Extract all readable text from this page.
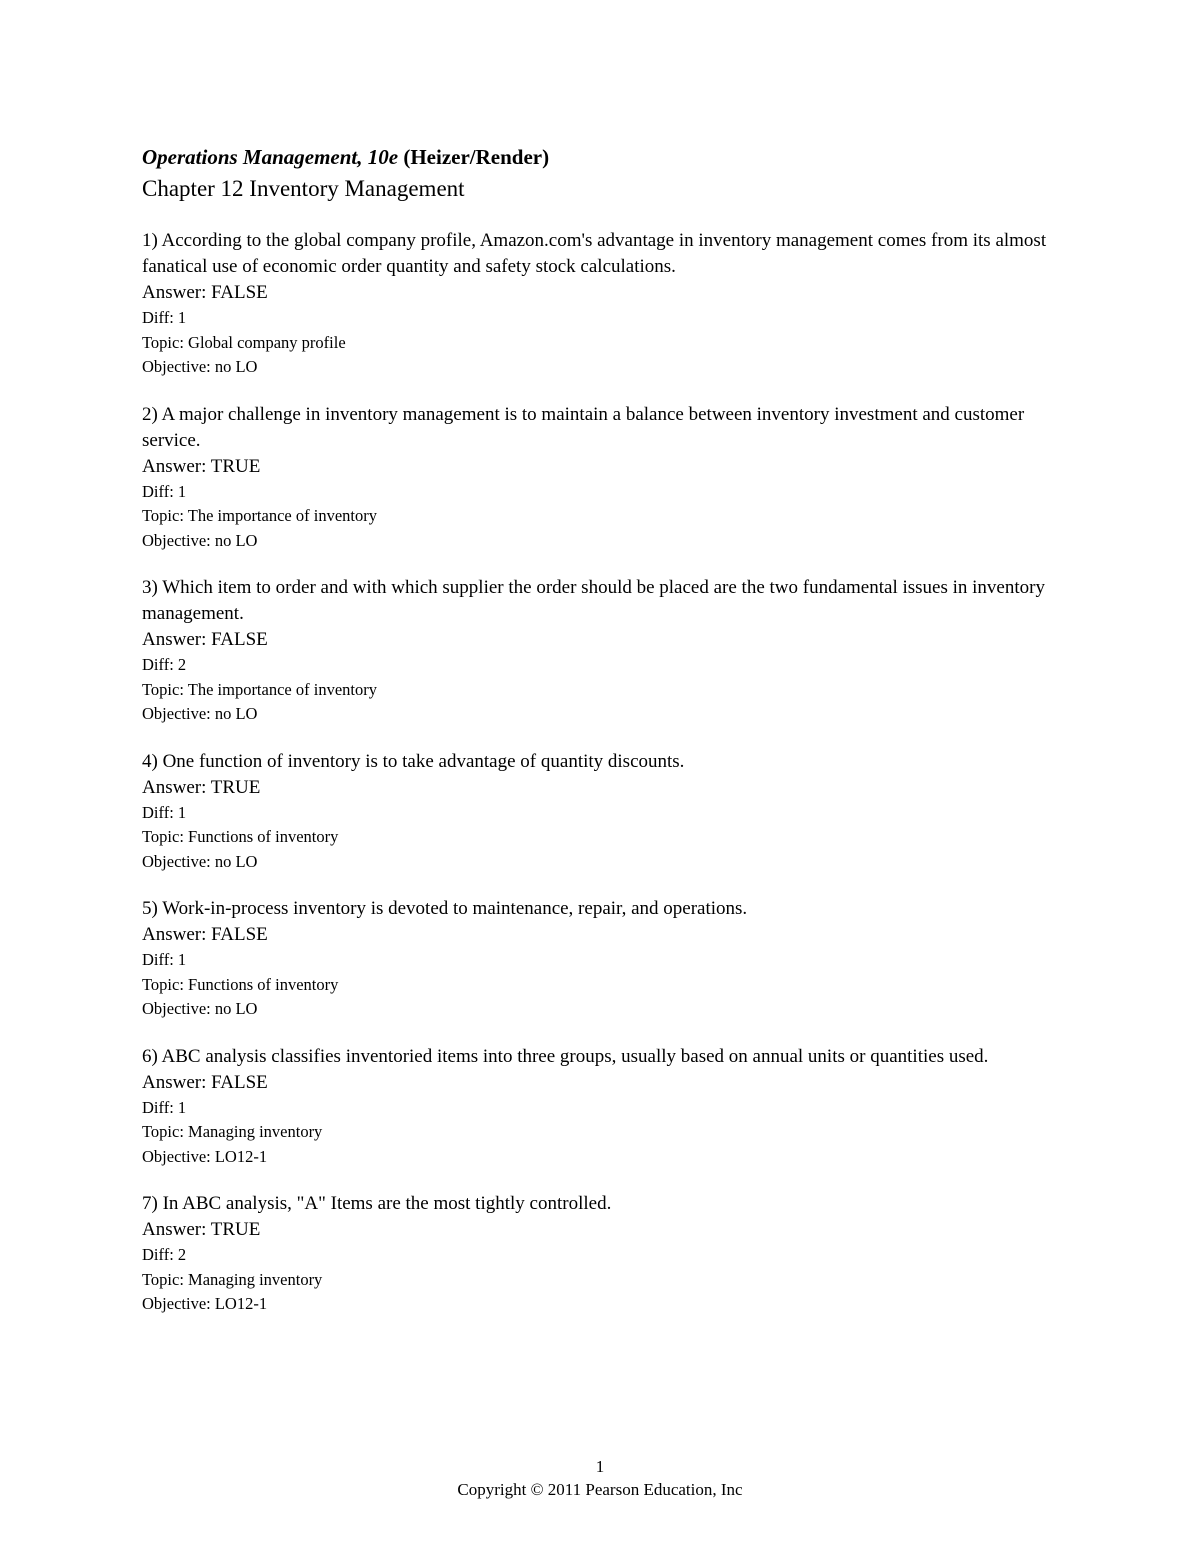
Operations Management, 10e (Heizer/Render)

Chapter 12 Inventory Management

1) According to the global company profile, Amazon.com's advantage in inventory management comes from its almost fanatical use of economic order quantity and safety stock calculations.

Answer: FALSE

Diff: 1

Topic: Global company profile

Objective: no LO

2) A major challenge in inventory management is to maintain a balance between inventory investment and customer service.

Answer: TRUE

Diff: 1

Topic: The importance of inventory

Objective: no LO

3) Which item to order and with which supplier the order should be placed are the two fundamental issues in inventory management.

Answer: FALSE

Diff: 2

Topic: The importance of inventory

Objective: no LO

4) One function of inventory is to take advantage of quantity discounts.

Answer: TRUE

Diff: 1

Topic: Functions of inventory

Objective: no LO

5) Work-in-process inventory is devoted to maintenance, repair, and operations.

Answer: FALSE

Diff: 1

Topic: Functions of inventory

Objective: no LO

6) ABC analysis classifies inventoried items into three groups, usually based on annual units or quantities used.

Answer: FALSE

Diff: 1

Topic: Managing inventory

Objective: LO12-1

7) In ABC analysis, "A" Items are the most tightly controlled.

Answer: TRUE

Diff: 2

Topic: Managing inventory

Objective: LO12-1

1
Copyright © 2011 Pearson Education, Inc
